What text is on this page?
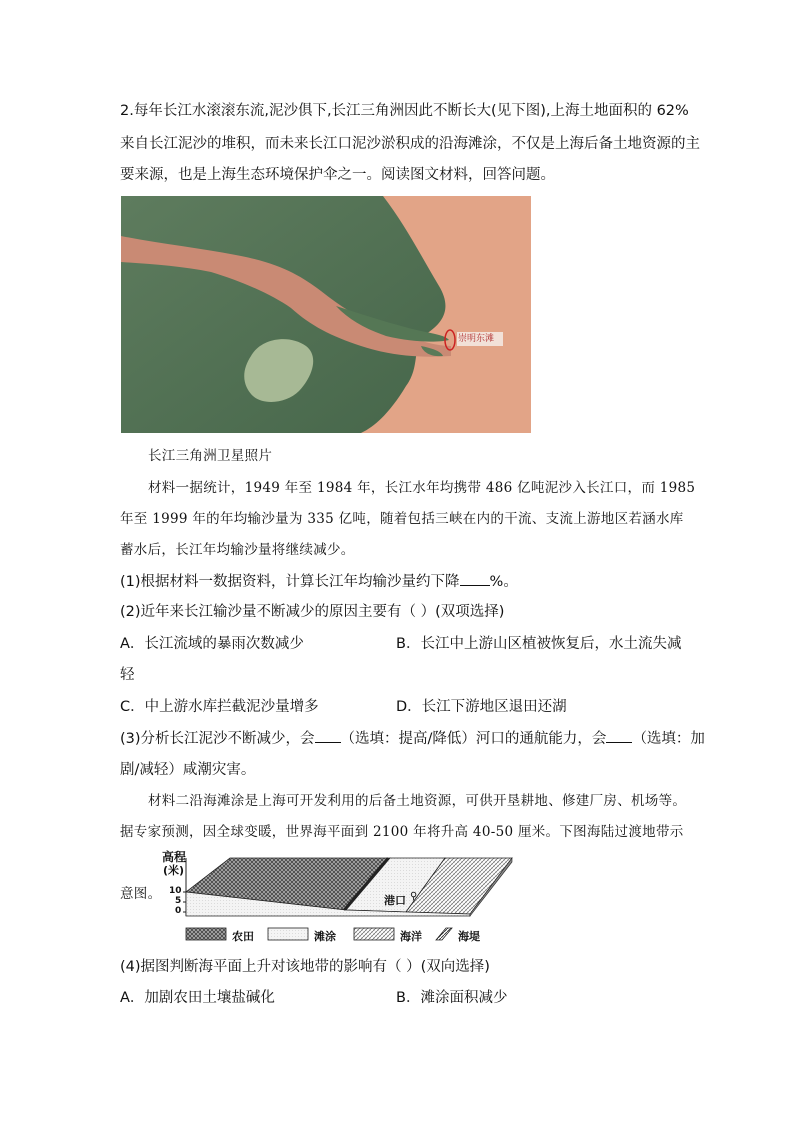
2.每年长江水滚滚东流,泥沙俱下,长江三角洲因此不断长大(见下图),上海土地面积的 62%
来自长江泥沙的堆积，而未来长江口泥沙淤积成的沿海滩涂，不仅是上海后备土地资源的主
要来源，也是上海生态环境保护伞之一。阅读图文材料，回答问题。
崇明东滩
长江三角洲卫星照片
材料一据统计，1949 年至 1984 年，长江水年均携带 486 亿吨泥沙入长江口，而 1985
年至 1999 年的年均输沙量为 335 亿吨，随着包括三峡在内的干流、支流上游地区若涵水库
蓄水后，长江年均输沙量将继续减少。
(1)根据材料一数据资料，计算长江年均输沙量约下降 %。
(2)近年来长江输沙量不断减少的原因主要有（ ）(双项选择)
A．长江流域的暴雨次数减少	B．长江中上游山区植被恢复后，水土流失减
轻
C．中上游水库拦截泥沙量增多	D．长江下游地区退田还湖
(3)分析长江泥沙不断减少，会 （选填：提高/降低）河口的通航能力，会 （选填：加
剧/减轻）咸潮灾害。
材料二沿海滩涂是上海可开发利用的后备土地资源，可供开垦耕地、修建厂房、机场等。
据专家预测，因全球变暖，世界海平面到 2100 年将升高 40-50 厘米。下图海陆过渡地带示
意图。
高程
(米)
10
5
0
港口 ⚲
农田	滩涂	海洋	海堤
(4)据图判断海平面上升对该地带的影响有（ ）(双向选择)
A．加剧农田土壤盐碱化	B．滩涂面积减少
